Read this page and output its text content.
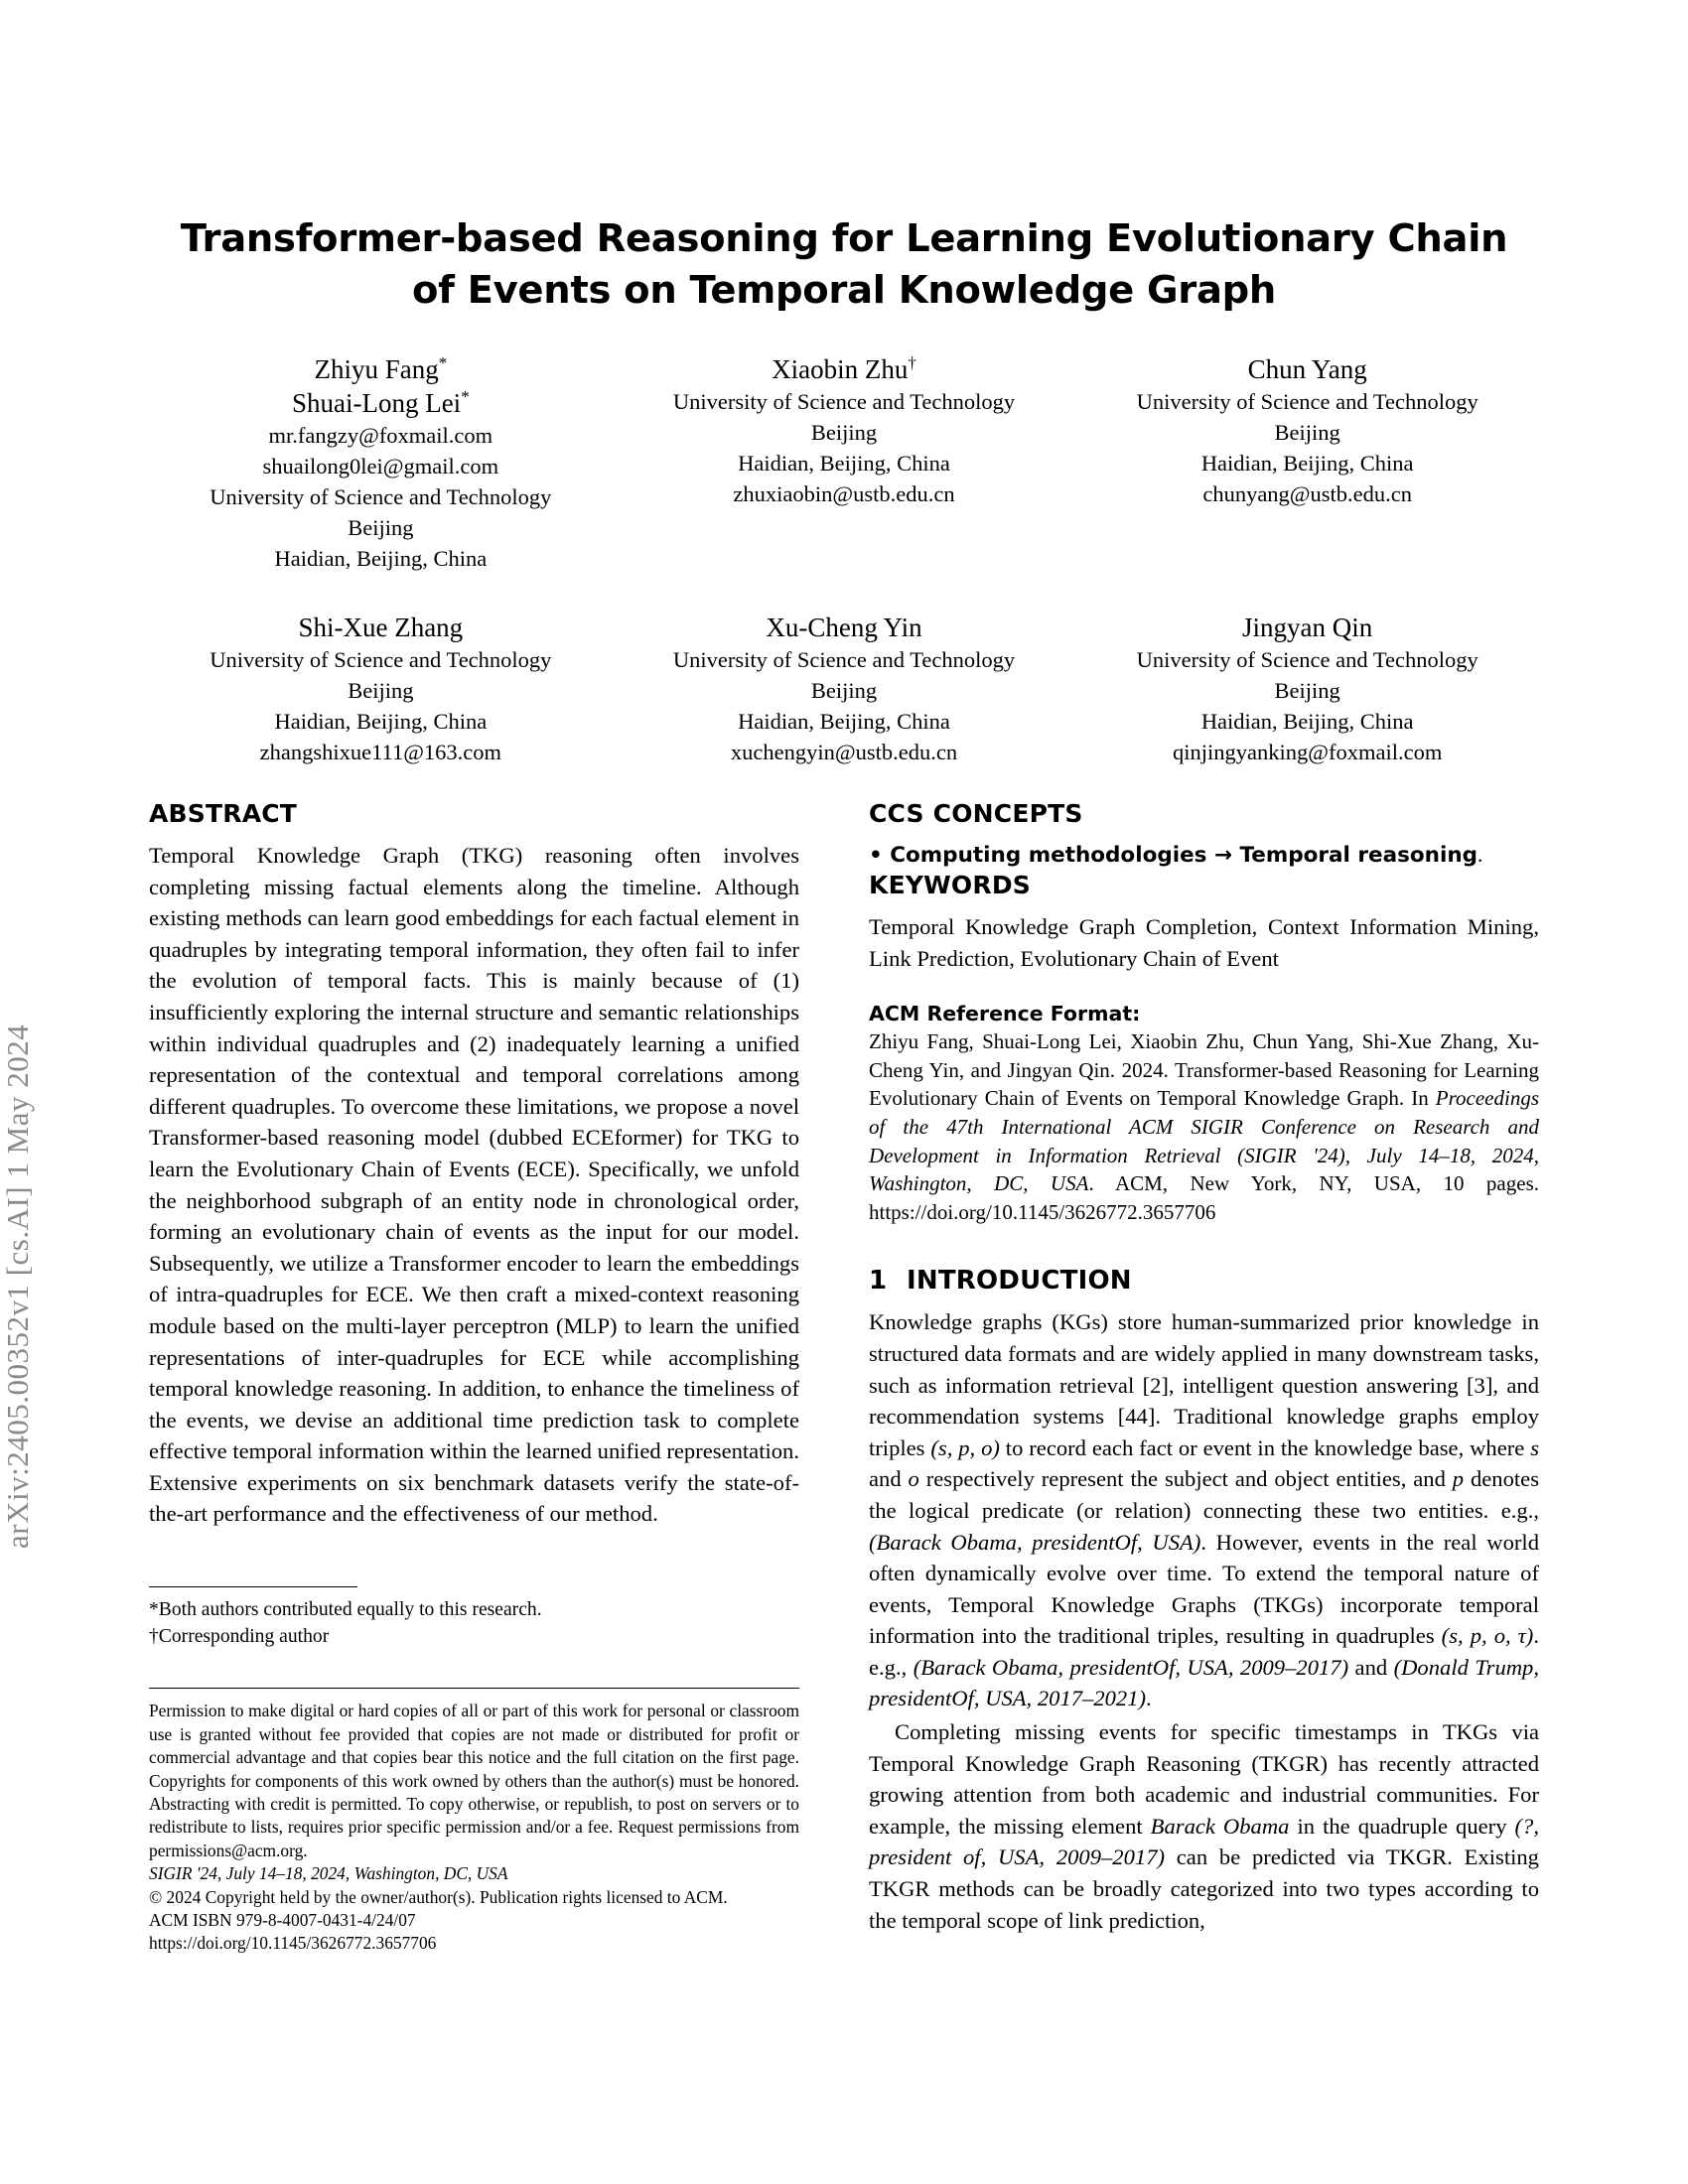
arXiv:2405.00352v1 [cs.AI] 1 May 2024
Transformer-based Reasoning for Learning Evolutionary Chain
of Events on Temporal Knowledge Graph
Zhiyu Fang*
Shuai-Long Lei*
mr.fangzy@foxmail.com
shuailong0lei@gmail.com
University of Science and Technology
Beijing
Haidian, Beijing, China
Xiaobin Zhu†
University of Science and Technology
Beijing
Haidian, Beijing, China
zhuxiaobin@ustb.edu.cn
Chun Yang
University of Science and Technology
Beijing
Haidian, Beijing, China
chunyang@ustb.edu.cn
Shi-Xue Zhang
University of Science and Technology
Beijing
Haidian, Beijing, China
zhangshixue111@163.com
Xu-Cheng Yin
University of Science and Technology
Beijing
Haidian, Beijing, China
xuchengyin@ustb.edu.cn
Jingyan Qin
University of Science and Technology
Beijing
Haidian, Beijing, China
qinjingyanking@foxmail.com
ABSTRACT

Temporal Knowledge Graph (TKG) reasoning often involves completing missing factual elements along the timeline. Although existing methods can learn good embeddings for each factual element in quadruples by integrating temporal information, they often fail to infer the evolution of temporal facts. This is mainly because of (1) insufficiently exploring the internal structure and semantic relationships within individual quadruples and (2) inadequately learning a unified representation of the contextual and temporal correlations among different quadruples. To overcome these limitations, we propose a novel Transformer-based reasoning model (dubbed ECEformer) for TKG to learn the Evolutionary Chain of Events (ECE). Specifically, we unfold the neighborhood subgraph of an entity node in chronological order, forming an evolutionary chain of events as the input for our model. Subsequently, we utilize a Transformer encoder to learn the embeddings of intra-quadruples for ECE. We then craft a mixed-context reasoning module based on the multi-layer perceptron (MLP) to learn the unified representations of inter-quadruples for ECE while accomplishing temporal knowledge reasoning. In addition, to enhance the timeliness of the events, we devise an additional time prediction task to complete effective temporal information within the learned unified representation. Extensive experiments on six benchmark datasets verify the state-of-the-art performance and the effectiveness of our method.

*Both authors contributed equally to this research.

†Corresponding author

Permission to make digital or hard copies of all or part of this work for personal or classroom use is granted without fee provided that copies are not made or distributed for profit or commercial advantage and that copies bear this notice and the full citation on the first page. Copyrights for components of this work owned by others than the author(s) must be honored. Abstracting with credit is permitted. To copy otherwise, or republish, to post on servers or to redistribute to lists, requires prior specific permission and/or a fee. Request permissions from permissions@acm.org.

SIGIR '24, July 14–18, 2024, Washington, DC, USA

© 2024 Copyright held by the owner/author(s). Publication rights licensed to ACM.

ACM ISBN 979-8-4007-0431-4/24/07

https://doi.org/10.1145/3626772.3657706

CCS CONCEPTS
• Computing methodologies → Temporal reasoning.
KEYWORDS

Temporal Knowledge Graph Completion, Context Information Mining, Link Prediction, Evolutionary Chain of Event

ACM Reference Format:

Zhiyu Fang, Shuai-Long Lei, Xiaobin Zhu, Chun Yang, Shi-Xue Zhang, Xu-Cheng Yin, and Jingyan Qin. 2024. Transformer-based Reasoning for Learning Evolutionary Chain of Events on Temporal Knowledge Graph. In Proceedings of the 47th International ACM SIGIR Conference on Research and Development in Information Retrieval (SIGIR '24), July 14–18, 2024, Washington, DC, USA. ACM, New York, NY, USA, 10 pages. https://doi.org/10.1145/3626772.3657706

1 INTRODUCTION

Knowledge graphs (KGs) store human-summarized prior knowledge in structured data formats and are widely applied in many downstream tasks, such as information retrieval [2], intelligent question answering [3], and recommendation systems [44]. Traditional knowledge graphs employ triples (s, p, o) to record each fact or event in the knowledge base, where s and o respectively represent the subject and object entities, and p denotes the logical predicate (or relation) connecting these two entities. e.g., (Barack Obama, presidentOf, USA). However, events in the real world often dynamically evolve over time. To extend the temporal nature of events, Temporal Knowledge Graphs (TKGs) incorporate temporal information into the traditional triples, resulting in quadruples (s, p, o, τ). e.g., (Barack Obama, presidentOf, USA, 2009–2017) and (Donald Trump, presidentOf, USA, 2017–2021).

Completing missing events for specific timestamps in TKGs via Temporal Knowledge Graph Reasoning (TKGR) has recently attracted growing attention from both academic and industrial communities. For example, the missing element Barack Obama in the quadruple query (?, president of, USA, 2009–2017) can be predicted via TKGR. Existing TKGR methods can be broadly categorized into two types according to the temporal scope of link prediction,
